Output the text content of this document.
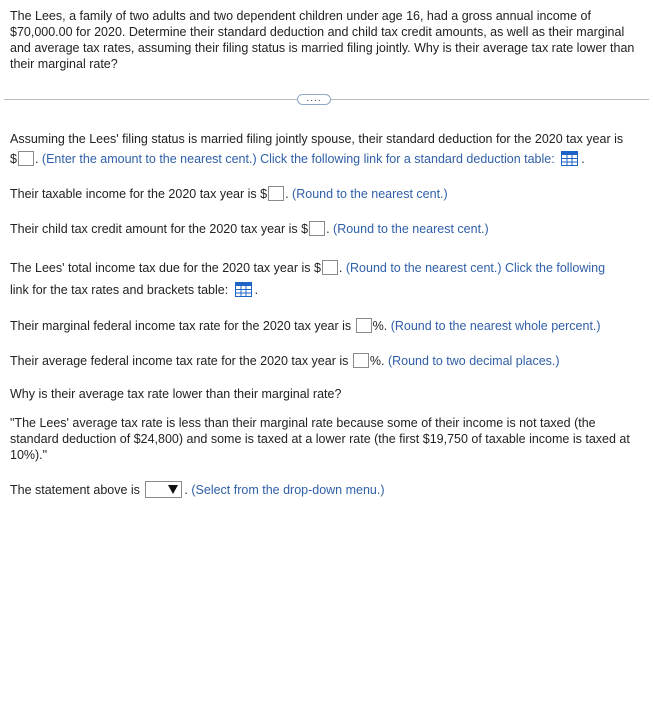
The Lees, a family of two adults and two dependent children under age 16, had a gross annual income of $70,000.00 for 2020. Determine their standard deduction and child tax credit amounts, as well as their marginal and average tax rates, assuming their filing status is married filing jointly. Why is their average tax rate lower than their marginal rate?
....
Assuming the Lees' filing status is married filing jointly spouse, their standard deduction for the 2020 tax year is
$ . (Enter the amount to the nearest cent.) Click the following link for a standard deduction table: .
Their taxable income for the 2020 tax year is $ . (Round to the nearest cent.)
Their child tax credit amount for the 2020 tax year is $ . (Round to the nearest cent.)
The Lees' total income tax due for the 2020 tax year is $ . (Round to the nearest cent.) Click the following
link for the tax rates and brackets table: .
Their marginal federal income tax rate for the 2020 tax year is %. (Round to the nearest whole percent.)
Their average federal income tax rate for the 2020 tax year is %. (Round to two decimal places.)
Why is their average tax rate lower than their marginal rate?
"The Lees' average tax rate is less than their marginal rate because some of their income is not taxed (the standard deduction of $24,800) and some is taxed at a lower rate (the first $19,750 of taxable income is taxed at 10%)."
The statement above is	. (Select from the drop-down menu.)
